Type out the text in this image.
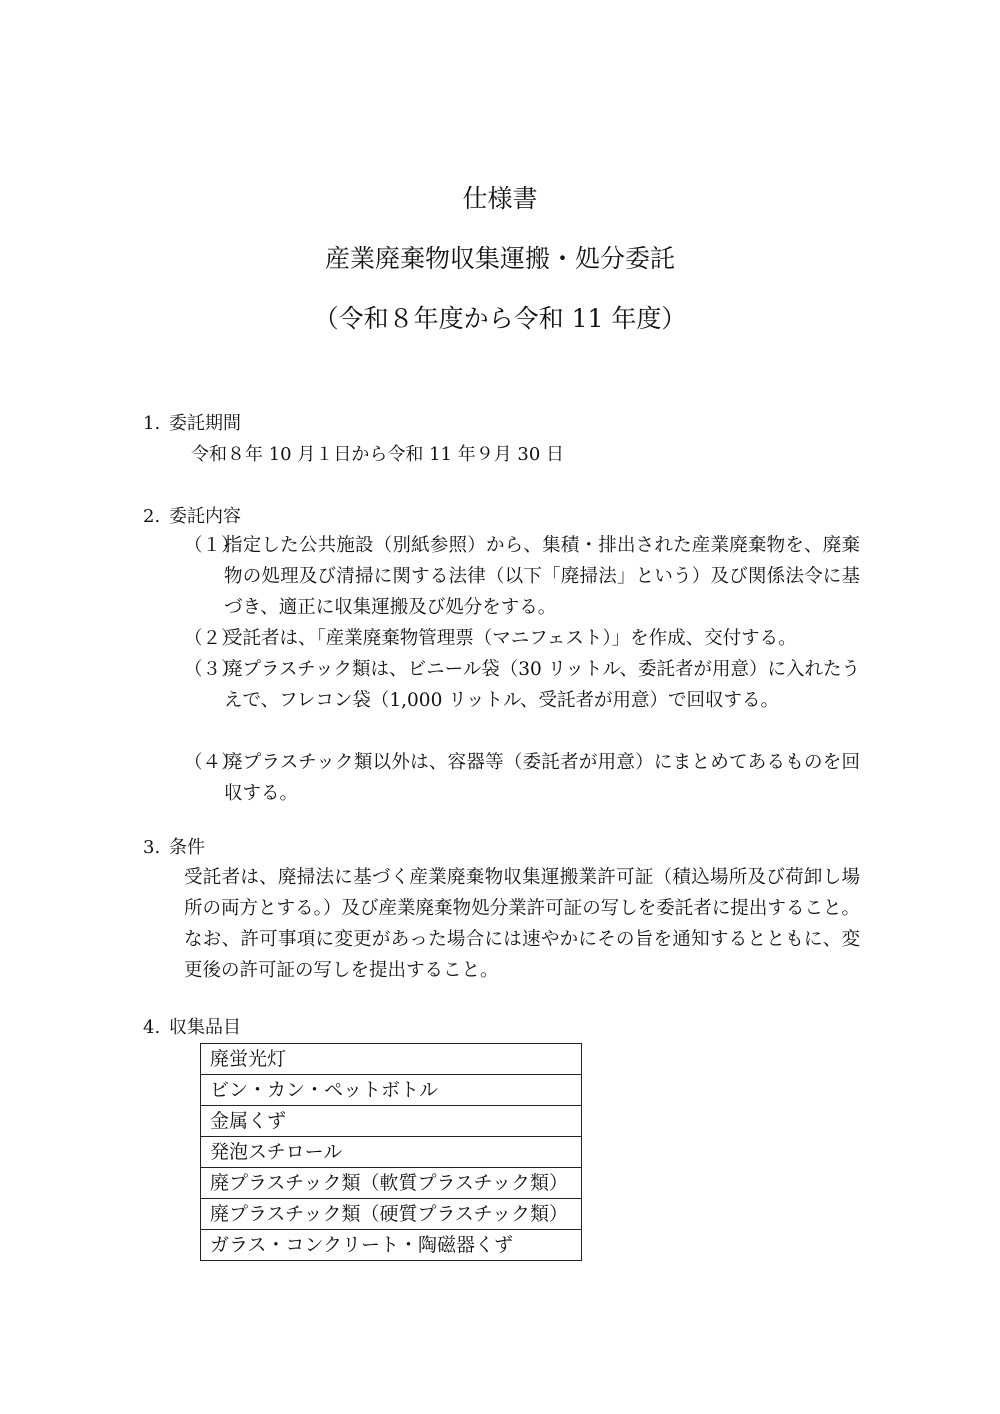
仕様書
産業廃棄物収集運搬・処分委託
（令和８年度から令和 11 年度）
1. 委託期間
令和８年 10 月１日から令和 11 年９月 30 日
2. 委託内容
（１）
指定した公共施設（別紙参照）から、集積・排出された産業廃棄物を、廃棄物の処理及び清掃に関する法律（以下「廃掃法」という）及び関係法令に基づき、適正に収集運搬及び処分をする。
（２）
受託者は、「産業廃棄物管理票（マニフェスト）」を作成、交付する。
（３）
廃プラスチック類は、ビニール袋（30 リットル、委託者が用意）に入れたうえで、フレコン袋（1,000 リットル、受託者が用意）で回収する。
（４）
廃プラスチック類以外は、容器等（委託者が用意）にまとめてあるものを回収する。
3. 条件

受託者は、廃掃法に基づく産業廃棄物収集運搬業許可証（積込場所及び荷卸し場所の両方とする。）及び産業廃棄物処分業許可証の写しを委託者に提出すること。なお、許可事項に変更があった場合には速やかにその旨を通知するとともに、変更後の許可証の写しを提出すること。

4. 収集品目
廃蛍光灯
ビン・カン・ペットボトル
金属くず
発泡スチロール
廃プラスチック類（軟質プラスチック類）
廃プラスチック類（硬質プラスチック類）
ガラス・コンクリート・陶磁器くず
